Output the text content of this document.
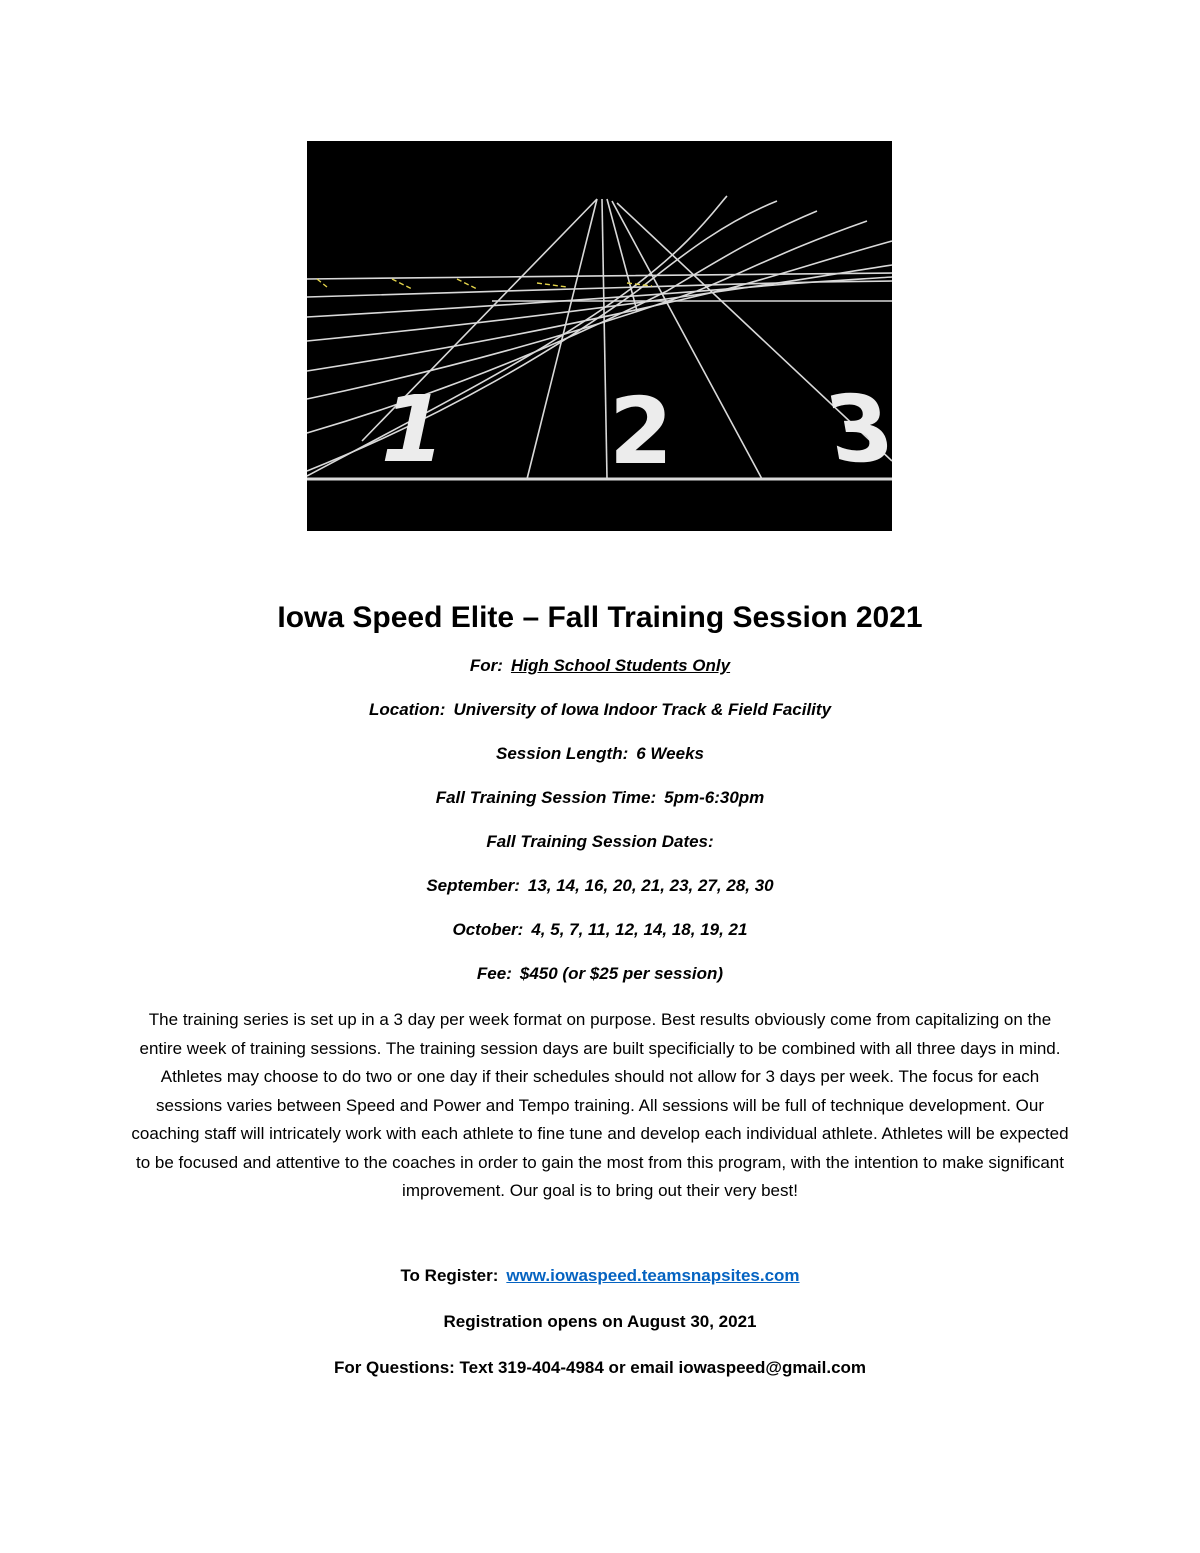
1 2 3
Iowa Speed Elite – Fall Training Session 2021

For: High School Students Only

Location: University of Iowa Indoor Track & Field Facility

Session Length: 6 Weeks

Fall Training Session Time: 5pm-6:30pm

Fall Training Session Dates:

September: 13, 14, 16, 20, 21, 23, 27, 28, 30

October: 4, 5, 7, 11, 12, 14, 18, 19, 21

Fee: $450 (or $25 per session)

The training series is set up in a 3 day per week format on purpose. Best results obviously come from capitalizing on the entire week of training sessions. The training session days are built specificially to be combined with all three days in mind. Athletes may choose to do two or one day if their schedules should not allow for 3 days per week. The focus for each sessions varies between Speed and Power and Tempo training. All sessions will be full of technique development. Our coaching staff will intricately work with each athlete to fine tune and develop each individual athlete. Athletes will be expected to be focused and attentive to the coaches in order to gain the most from this program, with the intention to make significant improvement. Our goal is to bring out their very best!

To Register: www.iowaspeed.teamsnapsites.com

Registration opens on August 30, 2021

For Questions: Text 319-404-4984 or email iowaspeed@gmail.com
